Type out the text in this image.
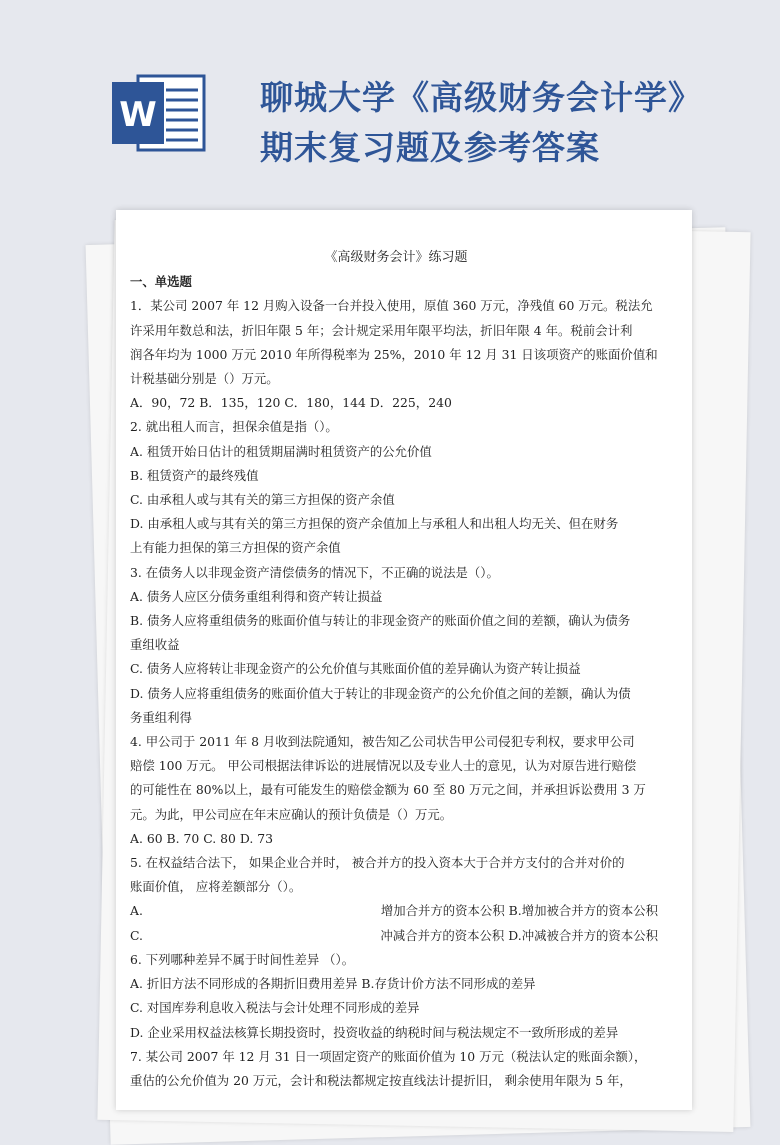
W	聊城大学《高级财务会计学》
期末复习题及参考答案
《高级财务会计》练习题
一、单选题
1．某公司 2007 年 12 月购入设备一台并投入使用，原值 360 万元，净残值 60 万元。税法允
许采用年数总和法，折旧年限 5 年；会计规定采用年限平均法，折旧年限 4 年。税前会计利
润各年均为 1000 万元 2010 年所得税率为 25%，2010 年 12 月 31 日该项资产的账面价值和
计税基础分别是（）万元。
A．90，72 B．135，120 C．180，144 D．225，240
2. 就出租人而言，担保余值是指（）。
A. 租赁开始日估计的租赁期届满时租赁资产的公允价值
B. 租赁资产的最终残值
C. 由承租人或与其有关的第三方担保的资产余值
D. 由承租人或与其有关的第三方担保的资产余值加上与承租人和出租人均无关、但在财务
上有能力担保的第三方担保的资产余值
3. 在债务人以非现金资产清偿债务的情况下，不正确的说法是（）。
A. 债务人应区分债务重组利得和资产转让损益
B. 债务人应将重组债务的账面价值与转让的非现金资产的账面价值之间的差额，确认为债务
重组收益
C. 债务人应将转让非现金资产的公允价值与其账面价值的差异确认为资产转让损益
D. 债务人应将重组债务的账面价值大于转让的非现金资产的公允价值之间的差额，确认为债
务重组利得
4. 甲公司于 2011 年 8 月收到法院通知，被告知乙公司状告甲公司侵犯专利权，要求甲公司
赔偿 100 万元。 甲公司根据法律诉讼的进展情况以及专业人士的意见，认为对原告进行赔偿
的可能性在 80%以上，最有可能发生的赔偿金额为 60 至 80 万元之间，并承担诉讼费用 3 万
元。为此，甲公司应在年末应确认的预计负债是（）万元。
A. 60 B. 70 C. 80 D. 73
5. 在权益结合法下， 如果企业合并时， 被合并方的投入资本大于合并方支付的合并对价的
账面价值， 应将差额部分（）。
A.	增加合并方的资本公积 B.增加被合并方的资本公积
C.	冲减合并方的资本公积 D.冲减被合并方的资本公积
6. 下列哪种差异不属于时间性差异 （）。
A. 折旧方法不同形成的各期折旧费用差异 B.存货计价方法不同形成的差异
C. 对国库券利息收入税法与会计处理不同形成的差异
D. 企业采用权益法核算长期投资时，投资收益的纳税时间与税法规定不一致所形成的差异
7. 某公司 2007 年 12 月 31 日一项固定资产的账面价值为 10 万元（税法认定的账面余额），
重估的公允价值为 20 万元，会计和税法都规定按直线法计提折旧， 剩余使用年限为 5 年，
